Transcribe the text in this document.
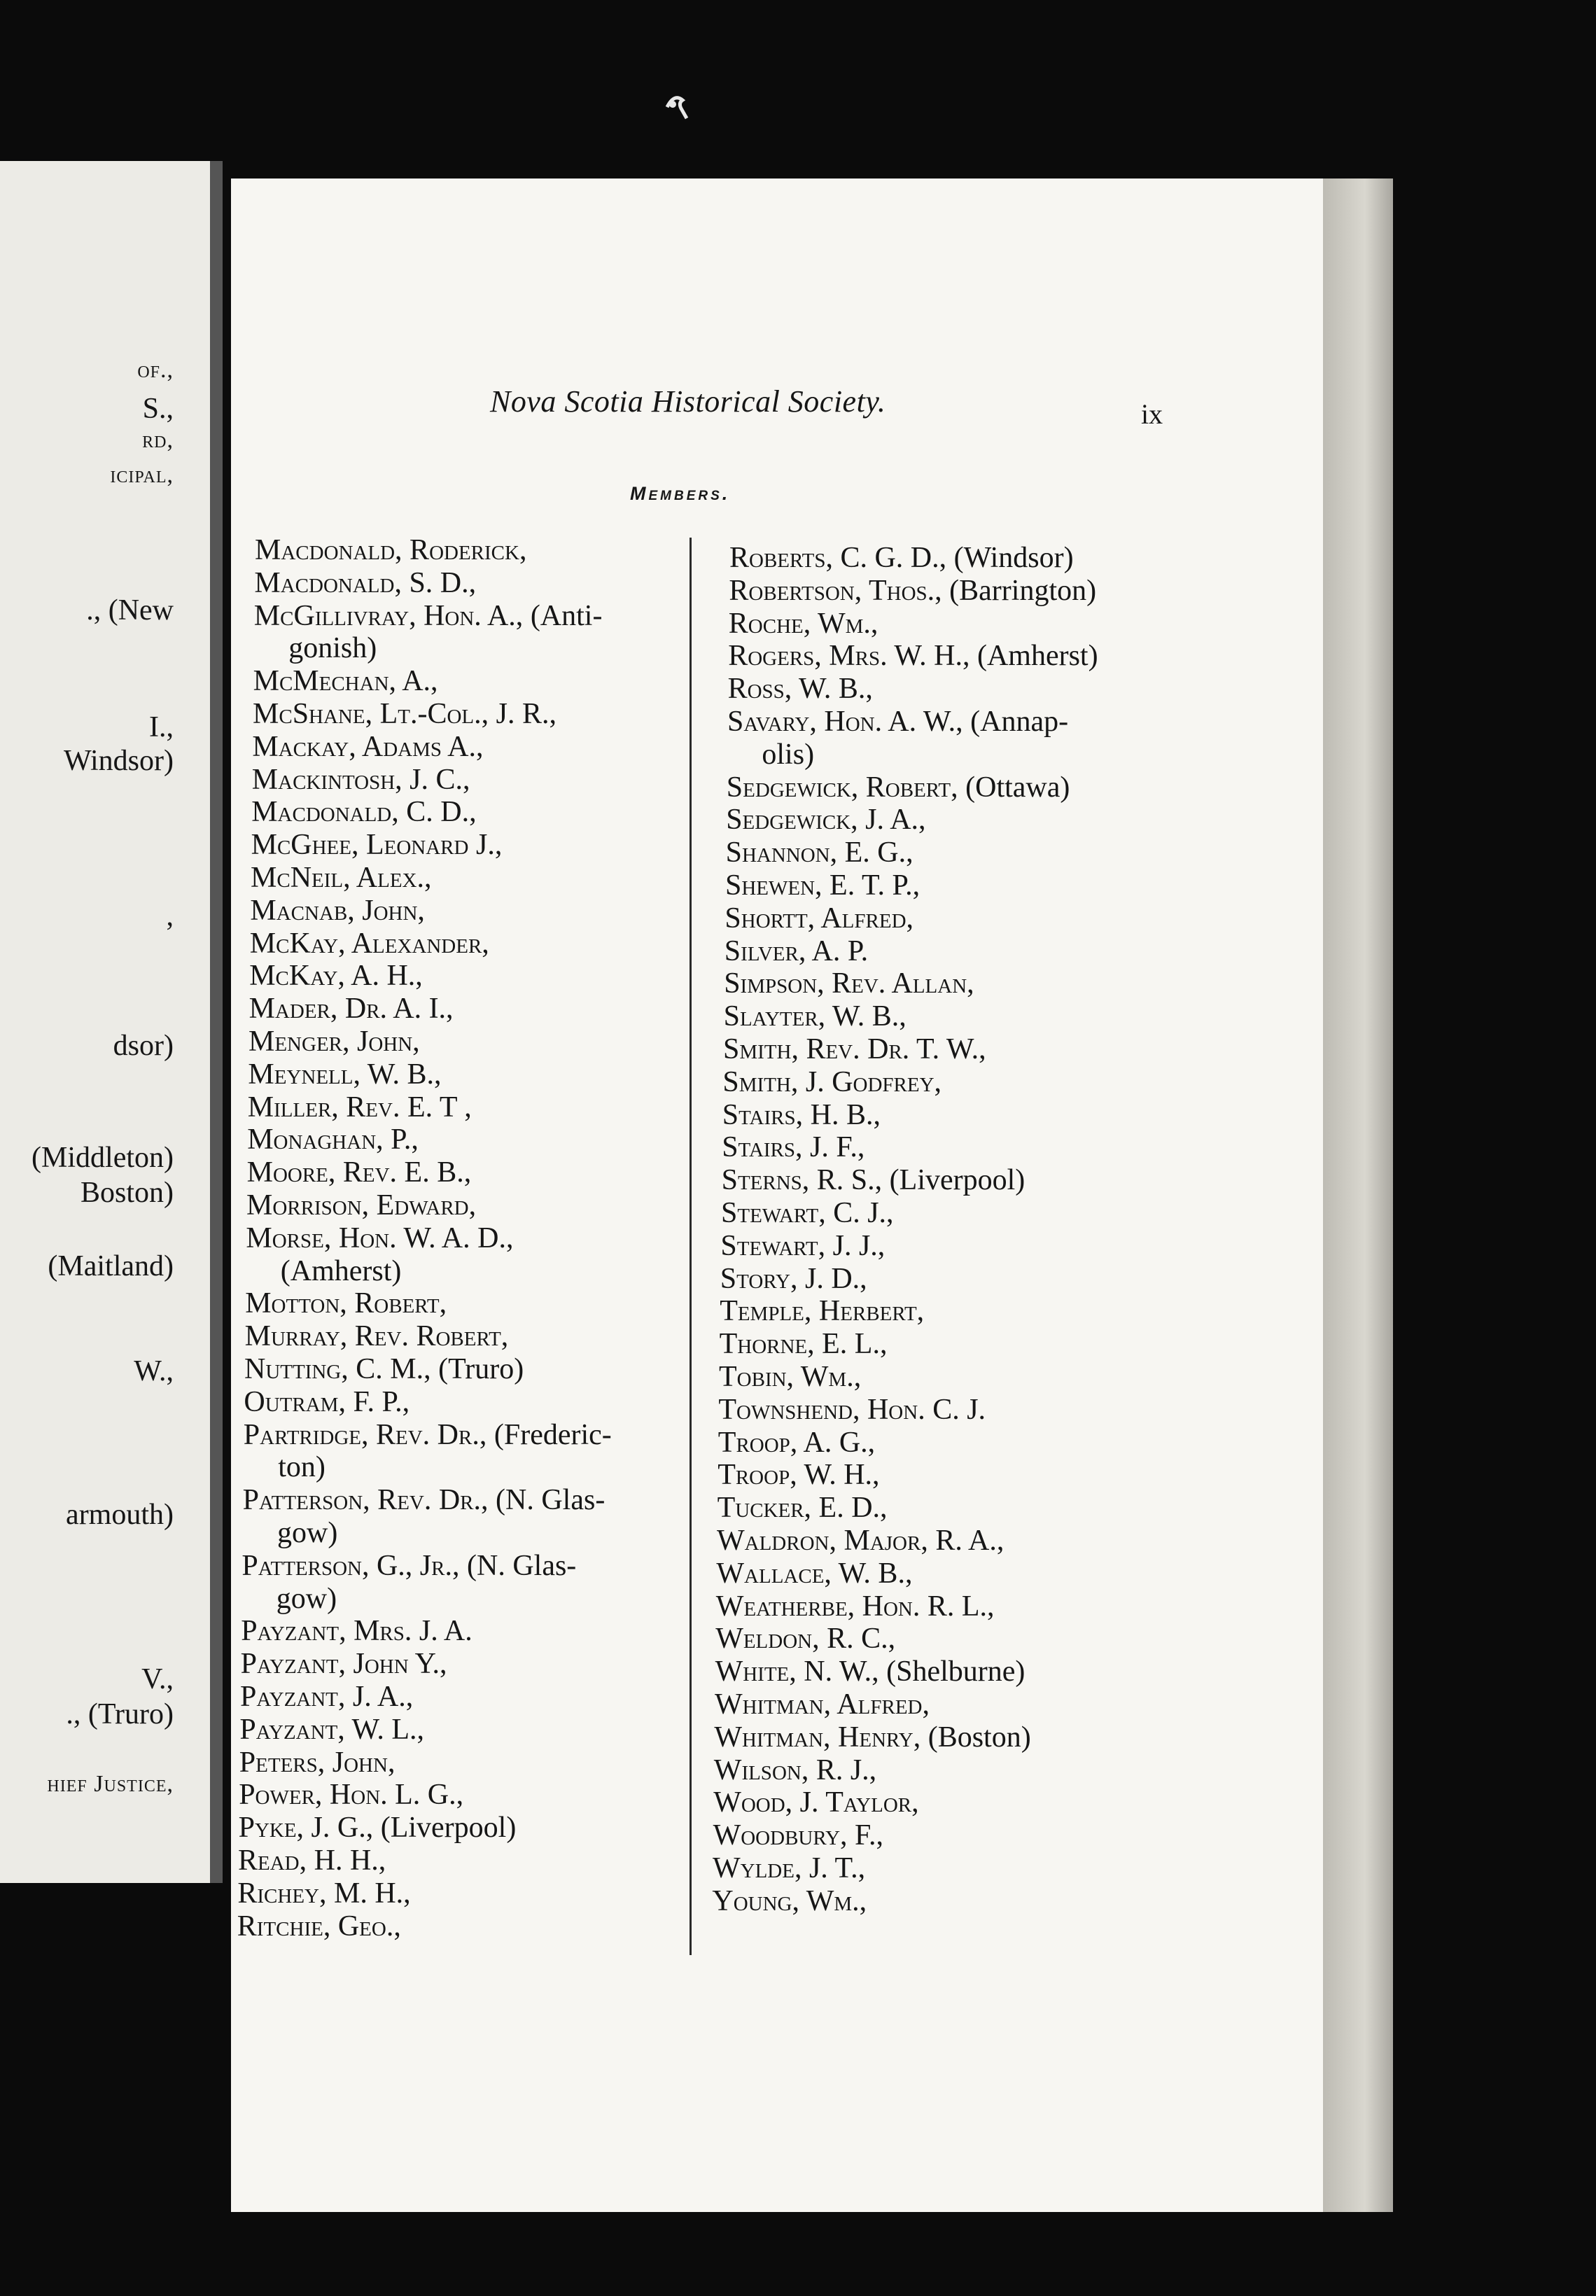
of.,
S.,
rd,
icipal,
., (New
I.,
Windsor)
,
dsor)
(Middleton)
Boston)
(Maitland)
W.,
armouth)
V.,
., (Truro)
hief Justice,
Nova Scotia Historical Society.	ix
Members.
Macdonald, Roderick,
Macdonald, S. D.,
McGillivray, Hon. A., (Anti-
gonish)
McMechan, A.,
McShane, Lt.-Col., J. R.,
Mackay, Adams A.,
Mackintosh, J. C.,
Macdonald, C. D.,
McGhee, Leonard J.,
McNeil, Alex.,
Macnab, John,
McKay, Alexander,
McKay, A. H.,
Mader, Dr. A. I.,
Menger, John,
Meynell, W. B.,
Miller, Rev. E. T ,
Monaghan, P.,
Moore, Rev. E. B.,
Morrison, Edward,
Morse, Hon. W. A. D.,
(Amherst)
Motton, Robert,
Murray, Rev. Robert,
Nutting, C. M., (Truro)
Outram, F. P.,
Partridge, Rev. Dr., (Frederic-
ton)
Patterson, Rev. Dr., (N. Glas-
gow)
Patterson, G., Jr., (N. Glas-
gow)
Payzant, Mrs. J. A.
Payzant, John Y.,
Payzant, J. A.,
Payzant, W. L.,
Peters, John,
Power, Hon. L. G.,
Pyke, J. G., (Liverpool)
Read, H. H.,
Richey, M. H.,
Ritchie, Geo.,
Roberts, C. G. D., (Windsor)
Robertson, Thos., (Barrington)
Roche, Wm.,
Rogers, Mrs. W. H., (Amherst)
Ross, W. B.,
Savary, Hon. A. W., (Annap-
olis)
Sedgewick, Robert, (Ottawa)
Sedgewick, J. A.,
Shannon, E. G.,
Shewen, E. T. P.,
Shortt, Alfred,
Silver, A. P.
Simpson, Rev. Allan,
Slayter, W. B.,
Smith, Rev. Dr. T. W.,
Smith, J. Godfrey,
Stairs, H. B.,
Stairs, J. F.,
Sterns, R. S., (Liverpool)
Stewart, C. J.,
Stewart, J. J.,
Story, J. D.,
Temple, Herbert,
Thorne, E. L.,
Tobin, Wm.,
Townshend, Hon. C. J.
Troop, A. G.,
Troop, W. H.,
Tucker, E. D.,
Waldron, Major, R. A.,
Wallace, W. B.,
Weatherbe, Hon. R. L.,
Weldon, R. C.,
White, N. W., (Shelburne)
Whitman, Alfred,
Whitman, Henry, (Boston)
Wilson, R. J.,
Wood, J. Taylor,
Woodbury, F.,
Wylde, J. T.,
Young, Wm.,
